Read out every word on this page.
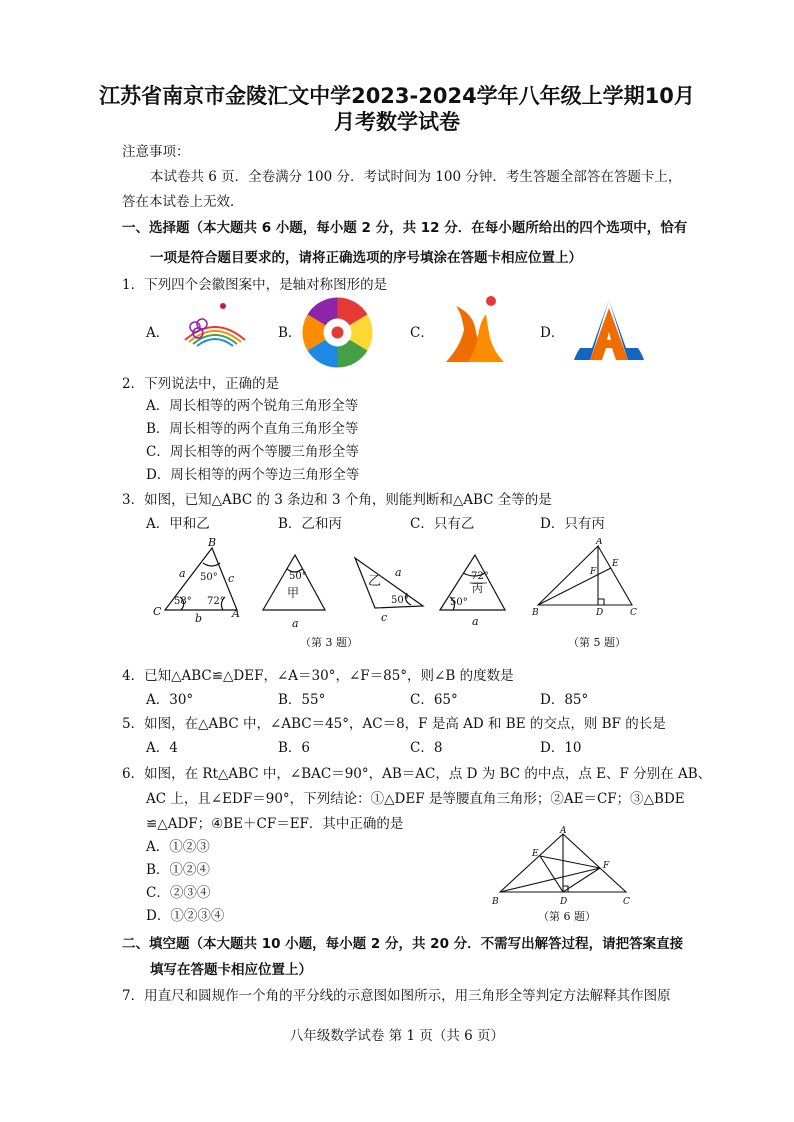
江苏省南京市金陵汇文中学2023-2024学年八年级上学期10月
月考数学试卷
注意事项：
本试卷共 6 页．全卷满分 100 分．考试时间为 100 分钟．考生答题全部答在答题卡上，
答在本试卷上无效．
一、选择题（本大题共 6 小题，每小题 2 分，共 12 分．在每小题所给出的四个选项中，恰有
一项是符合题目要求的，请将正确选项的序号填涂在答题卡相应位置上）
1．下列四个会徽图案中，是轴对称图形的是
A．	B．	C．	D．
2．下列说法中，正确的是
A．周长相等的两个锐角三角形全等
B．周长相等的两个直角三角形全等
C．周长相等的两个等腰三角形全等
D．周长相等的两个等边三角形全等
3．如图，已知△ABC 的 3 条边和 3 个角，则能判断和△ABC 全等的是
A．甲和乙	B．乙和丙	C．只有乙	D．只有丙
B
C	A
a	c
b	a
a
c	a
50°
58° 72°
50°
甲
乙
50°
72°
丙
50°
（第 3 题）
A
B	C
D
E
F
（第 5 题）
4．已知△ABC≌△DEF，∠A＝30°，∠F＝85°，则∠B 的度数是
A．30°	B．55°	C．65°	D．85°
5．如图，在△ABC 中，∠ABC＝45°，AC＝8，F 是高 AD 和 BE 的交点，则 BF 的长是
A．4	B．6	C．8	D．10
6．如图，在 Rt△ABC 中，∠BAC＝90°，AB＝AC，点 D 为 BC 的中点，点 E、F 分别在 AB、
AC 上，且∠EDF＝90°，下列结论：①△DEF 是等腰直角三角形；②AE＝CF；③△BDE
≌△ADF；④BE＋CF＝EF．其中正确的是
A．①②③
B．①②④
C．②③④
D．①②③④
A
B	C
D
E
F
（第 6 题）
二、填空题（本大题共 10 小题，每小题 2 分，共 20 分．不需写出解答过程，请把答案直接
填写在答题卡相应位置上）
7．用直尺和圆规作一个角的平分线的示意图如图所示，用三角形全等判定方法解释其作图原
八年级数学试卷 第 1 页（共 6 页）
